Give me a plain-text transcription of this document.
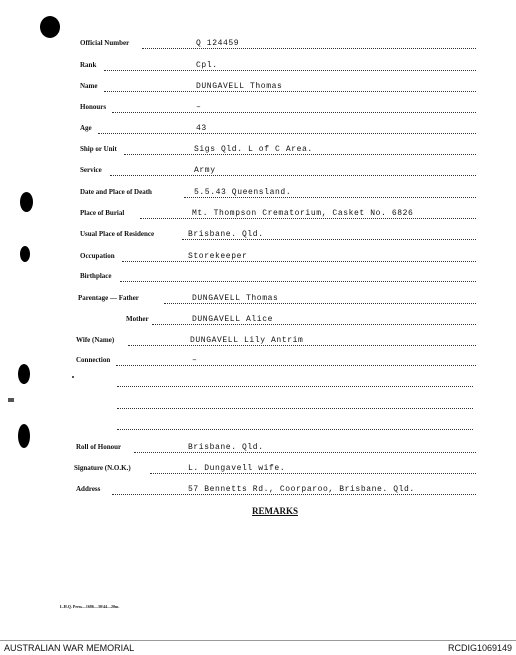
Official Number	Q 124459
Rank	Cpl.
Name	DUNGAVELL Thomas
Honours	–
Age	43
Ship or Unit	Sigs Qld. L of C Area.
Service	Army
Date and Place of Death	5.5.43 Queensland.
Place of Burial	Mt. Thompson Crematorium, Casket No. 6826
Usual Place of Residence	Brisbane. Qld.
Occupation	Storekeeper
Birthplace
Parentage — Father	DUNGAVELL Thomas
Mother	DUNGAVELL Alice
Wife (Name)	DUNGAVELL Lily Antrim
Connection	–
Roll of Honour	Brisbane. Qld.
Signature (N.O.K.)	L. Dungavell wife.
Address	57 Bennetts Rd., Coorparoo, Brisbane. Qld.
REMARKS
L.H.Q. Press—1686—30/44—20m.
AUSTRALIAN WAR MEMORIAL	RCDIG1069149
